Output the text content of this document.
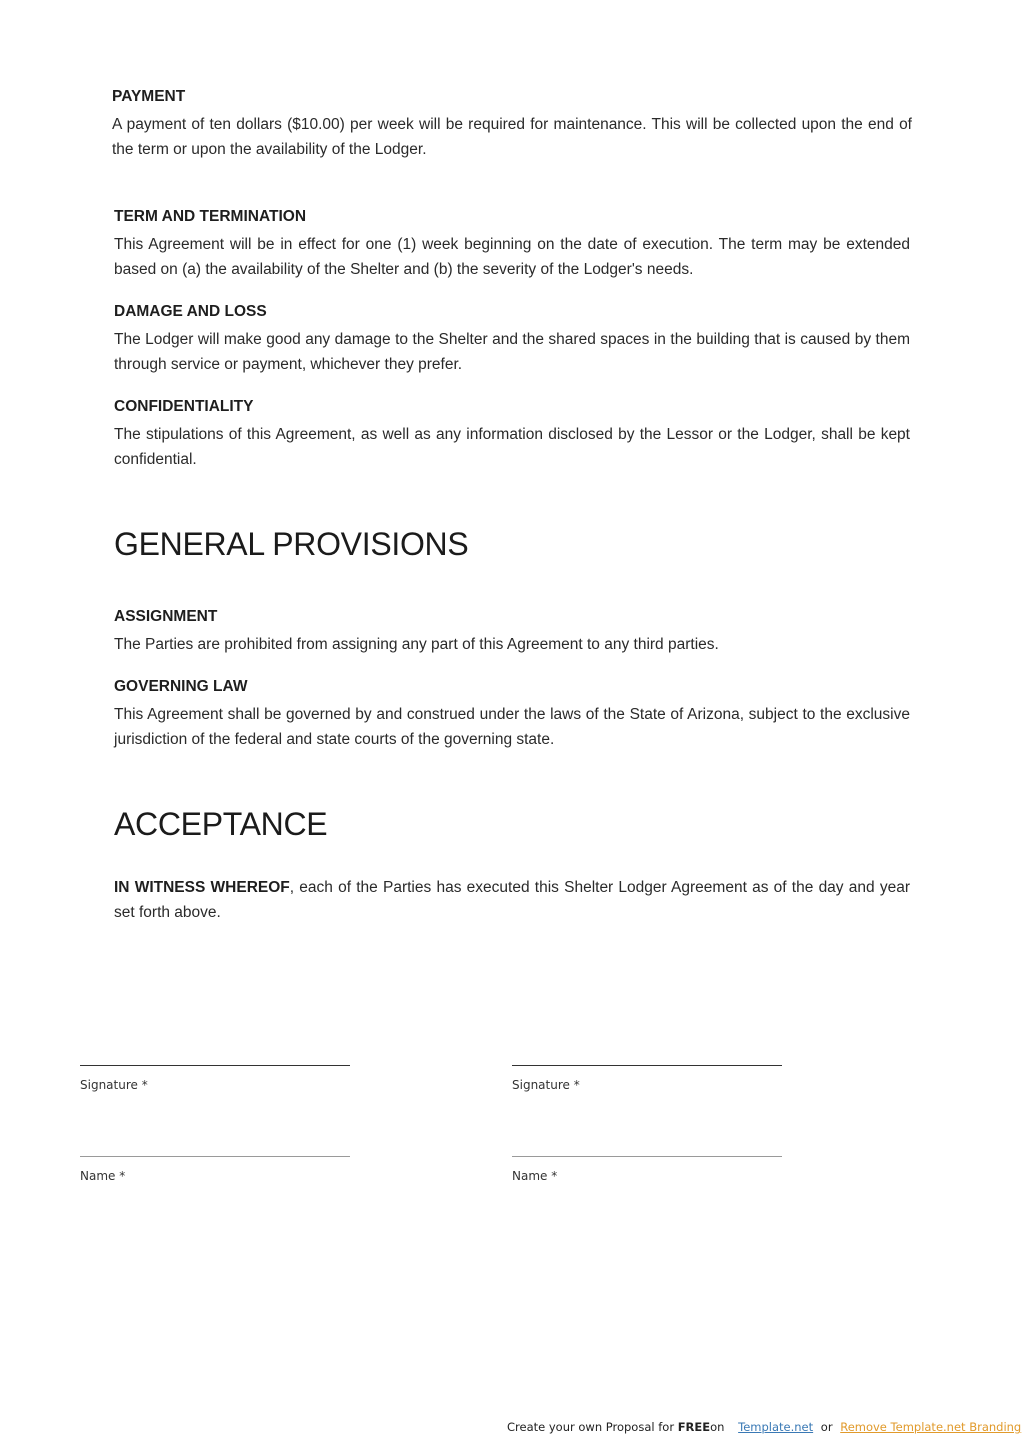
PAYMENT

A payment of ten dollars ($10.00) per week will be required for maintenance. This will be collected upon the end of the term or upon the availability of the Lodger.

TERM AND TERMINATION

This Agreement will be in effect for one (1) week beginning on the date of execution. The term may be extended based on (a) the availability of the Shelter and (b) the severity of the Lodger's needs.

DAMAGE AND LOSS

The Lodger will make good any damage to the Shelter and the shared spaces in the building that is caused by them through service or payment, whichever they prefer.

CONFIDENTIALITY

The stipulations of this Agreement, as well as any information disclosed by the Lessor or the Lodger, shall be kept confidential.

GENERAL PROVISIONS

ASSIGNMENT

The Parties are prohibited from assigning any part of this Agreement to any third parties.

GOVERNING LAW

This Agreement shall be governed by and construed under the laws of the State of Arizona, subject to the exclusive jurisdiction of the federal and state courts of the governing state.

ACCEPTANCE

IN WITNESS WHEREOF, each of the Parties has executed this Shelter Lodger Agreement as of the day and year set forth above.

Signature *
Name *
Signature *
Name *
Create your own Proposal for FREEon Template.net or Remove Template.net Branding
